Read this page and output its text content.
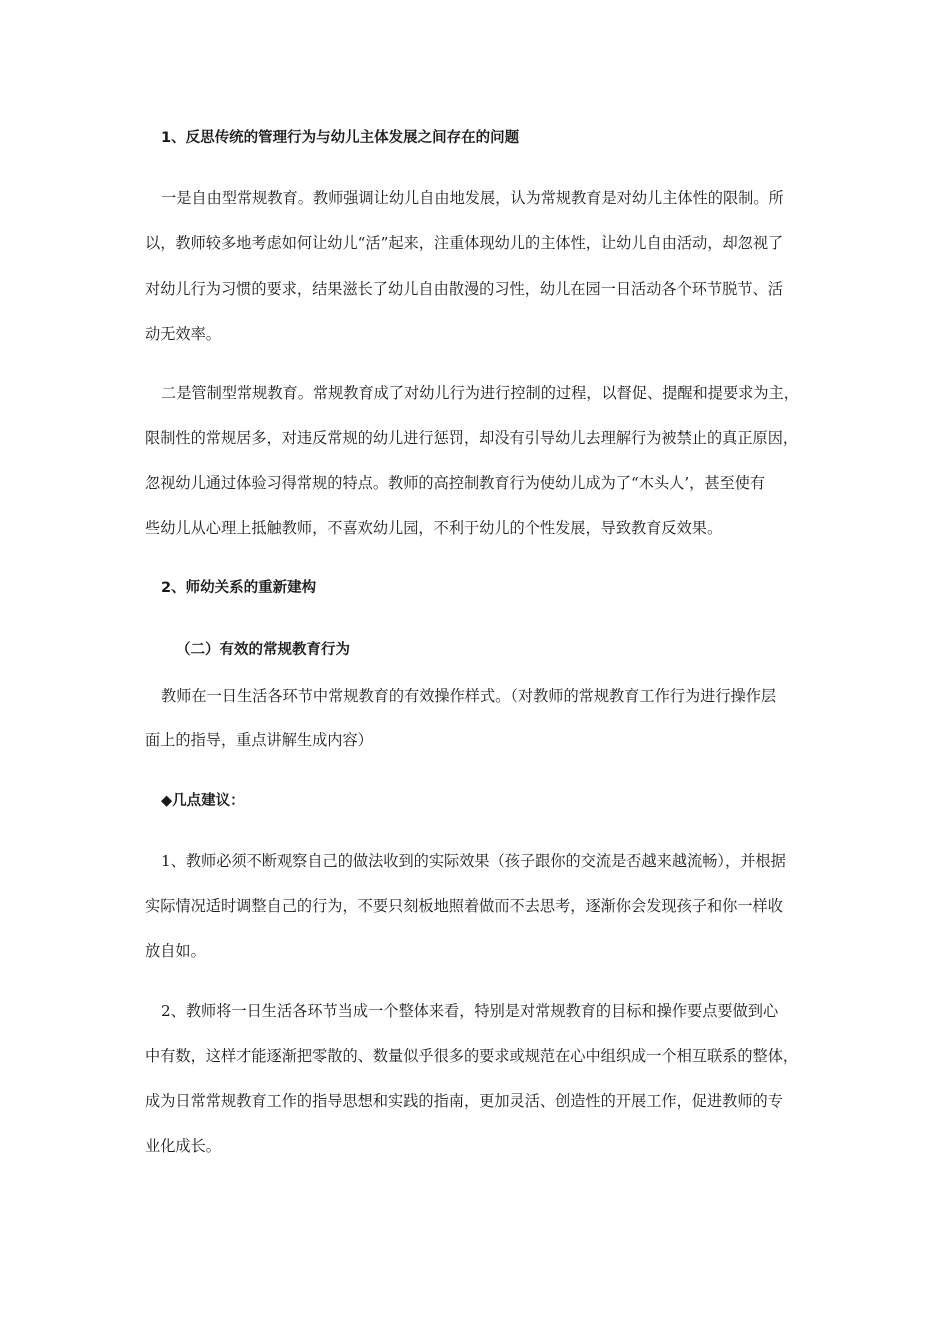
1、反思传统的管理行为与幼儿主体发展之间存在的问题
一是自由型常规教育。教师强调让幼儿自由地发展，认为常规教育是对幼儿主体性的限制。所
以，教师较多地考虑如何让幼儿“活”起来，注重体现幼儿的主体性，让幼儿自由活动，却忽视了
对幼儿行为习惯的要求，结果滋长了幼儿自由散漫的习性，幼儿在园一日活动各个环节脱节、活
动无效率。
二是管制型常规教育。常规教育成了对幼儿行为进行控制的过程，以督促、提醒和提要求为主，
限制性的常规居多，对违反常规的幼儿进行惩罚，却没有引导幼儿去理解行为被禁止的真正原因，
忽视幼儿通过体验习得常规的特点。教师的高控制教育行为使幼儿成为了“木头人’，甚至使有
些幼儿从心理上抵触教师，不喜欢幼儿园，不利于幼儿的个性发展，导致教育反效果。
2、师幼关系的重新建构
（二）有效的常规教育行为
教师在一日生活各环节中常规教育的有效操作样式。（对教师的常规教育工作行为进行操作层
面上的指导，重点讲解生成内容）
◆几点建议：
1、教师必须不断观察自己的做法收到的实际效果（孩子跟你的交流是否越来越流畅），并根据
实际情况适时调整自己的行为，不要只刻板地照着做而不去思考，逐渐你会发现孩子和你一样收
放自如。
2、教师将一日生活各环节当成一个整体来看，特别是对常规教育的目标和操作要点要做到心
中有数，这样才能逐渐把零散的、数量似乎很多的要求或规范在心中组织成一个相互联系的整体，
成为日常常规教育工作的指导思想和实践的指南，更加灵活、创造性的开展工作，促进教师的专
业化成长。
